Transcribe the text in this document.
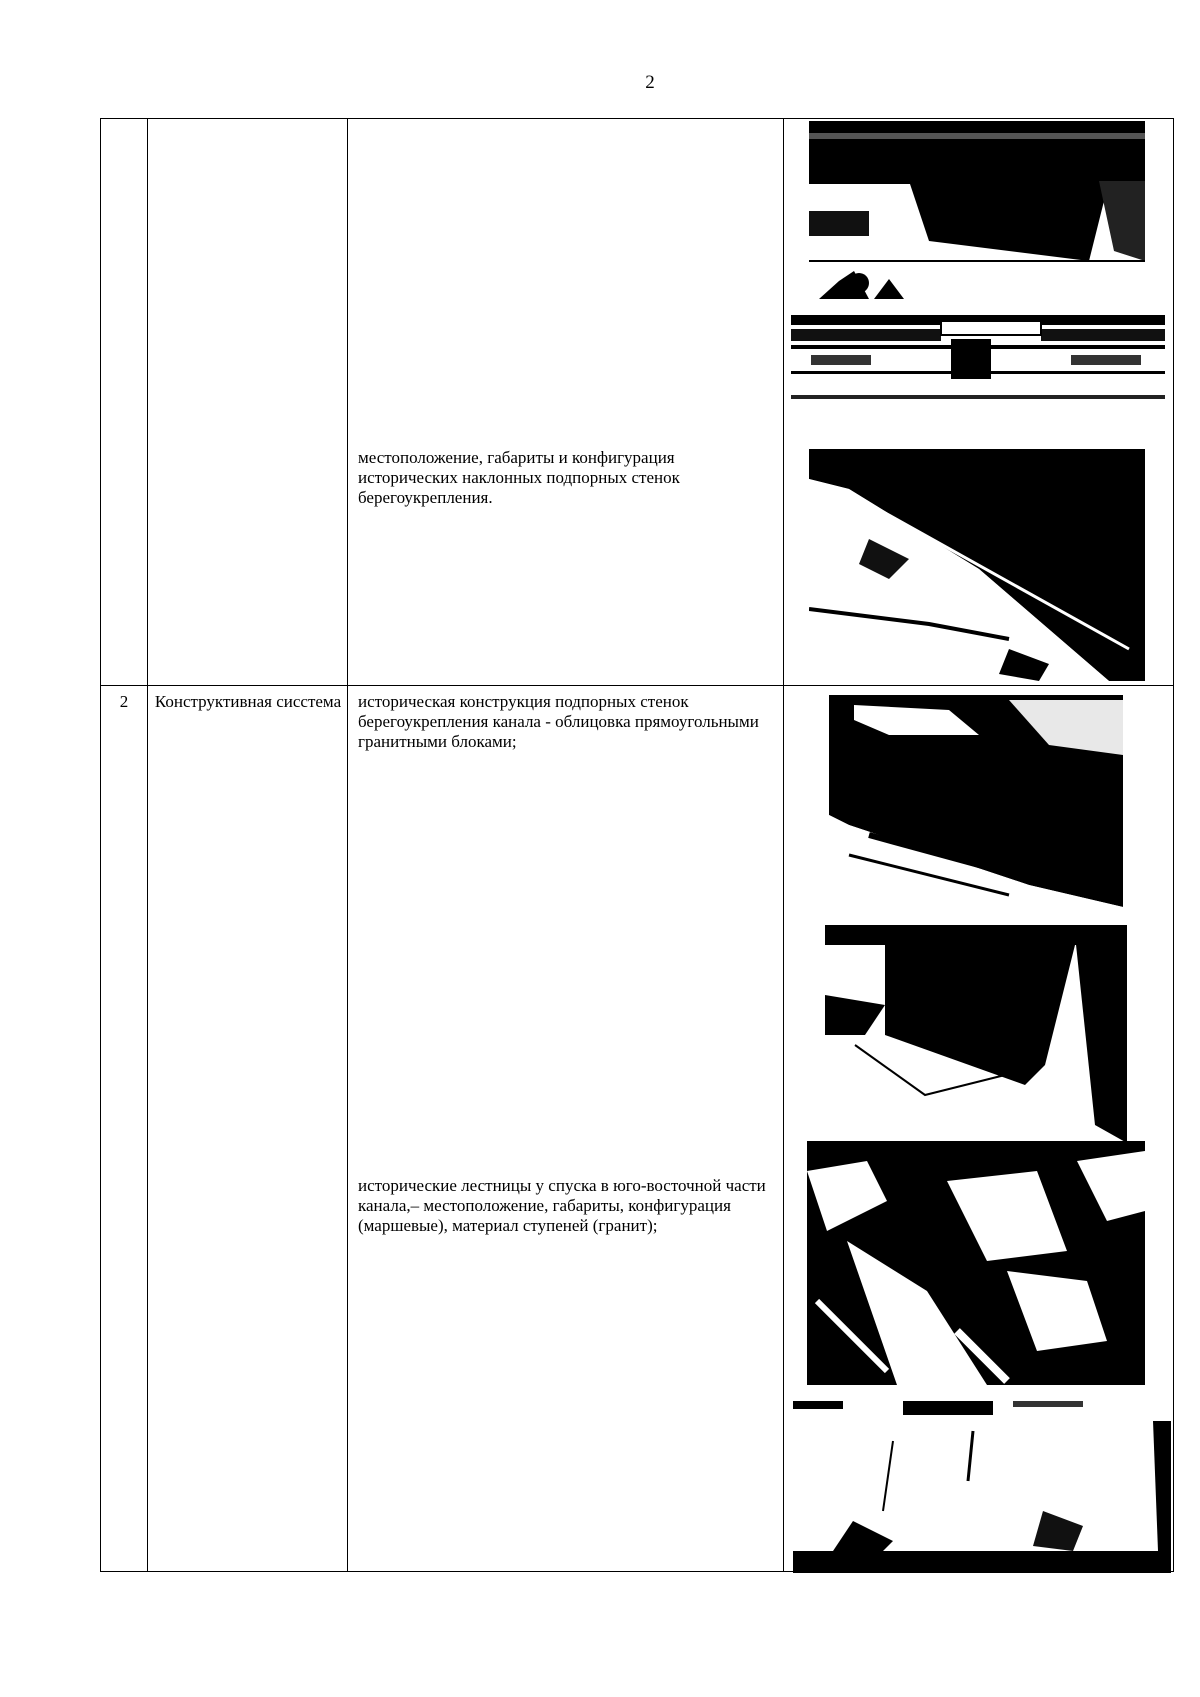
2
местоположение, габариты и конфигурация исторических наклонных подпорных стенок берегоукрепления.
2	Конструктивная сисстема историческая конструкция подпорных стенок берегоукрепления канала - облицовка прямоугольными гранитными блоками;
исторические лестницы у спуска в юго-восточной части канала,– местоположение, габариты, конфигурация (маршевые), материал ступеней (гранит);
